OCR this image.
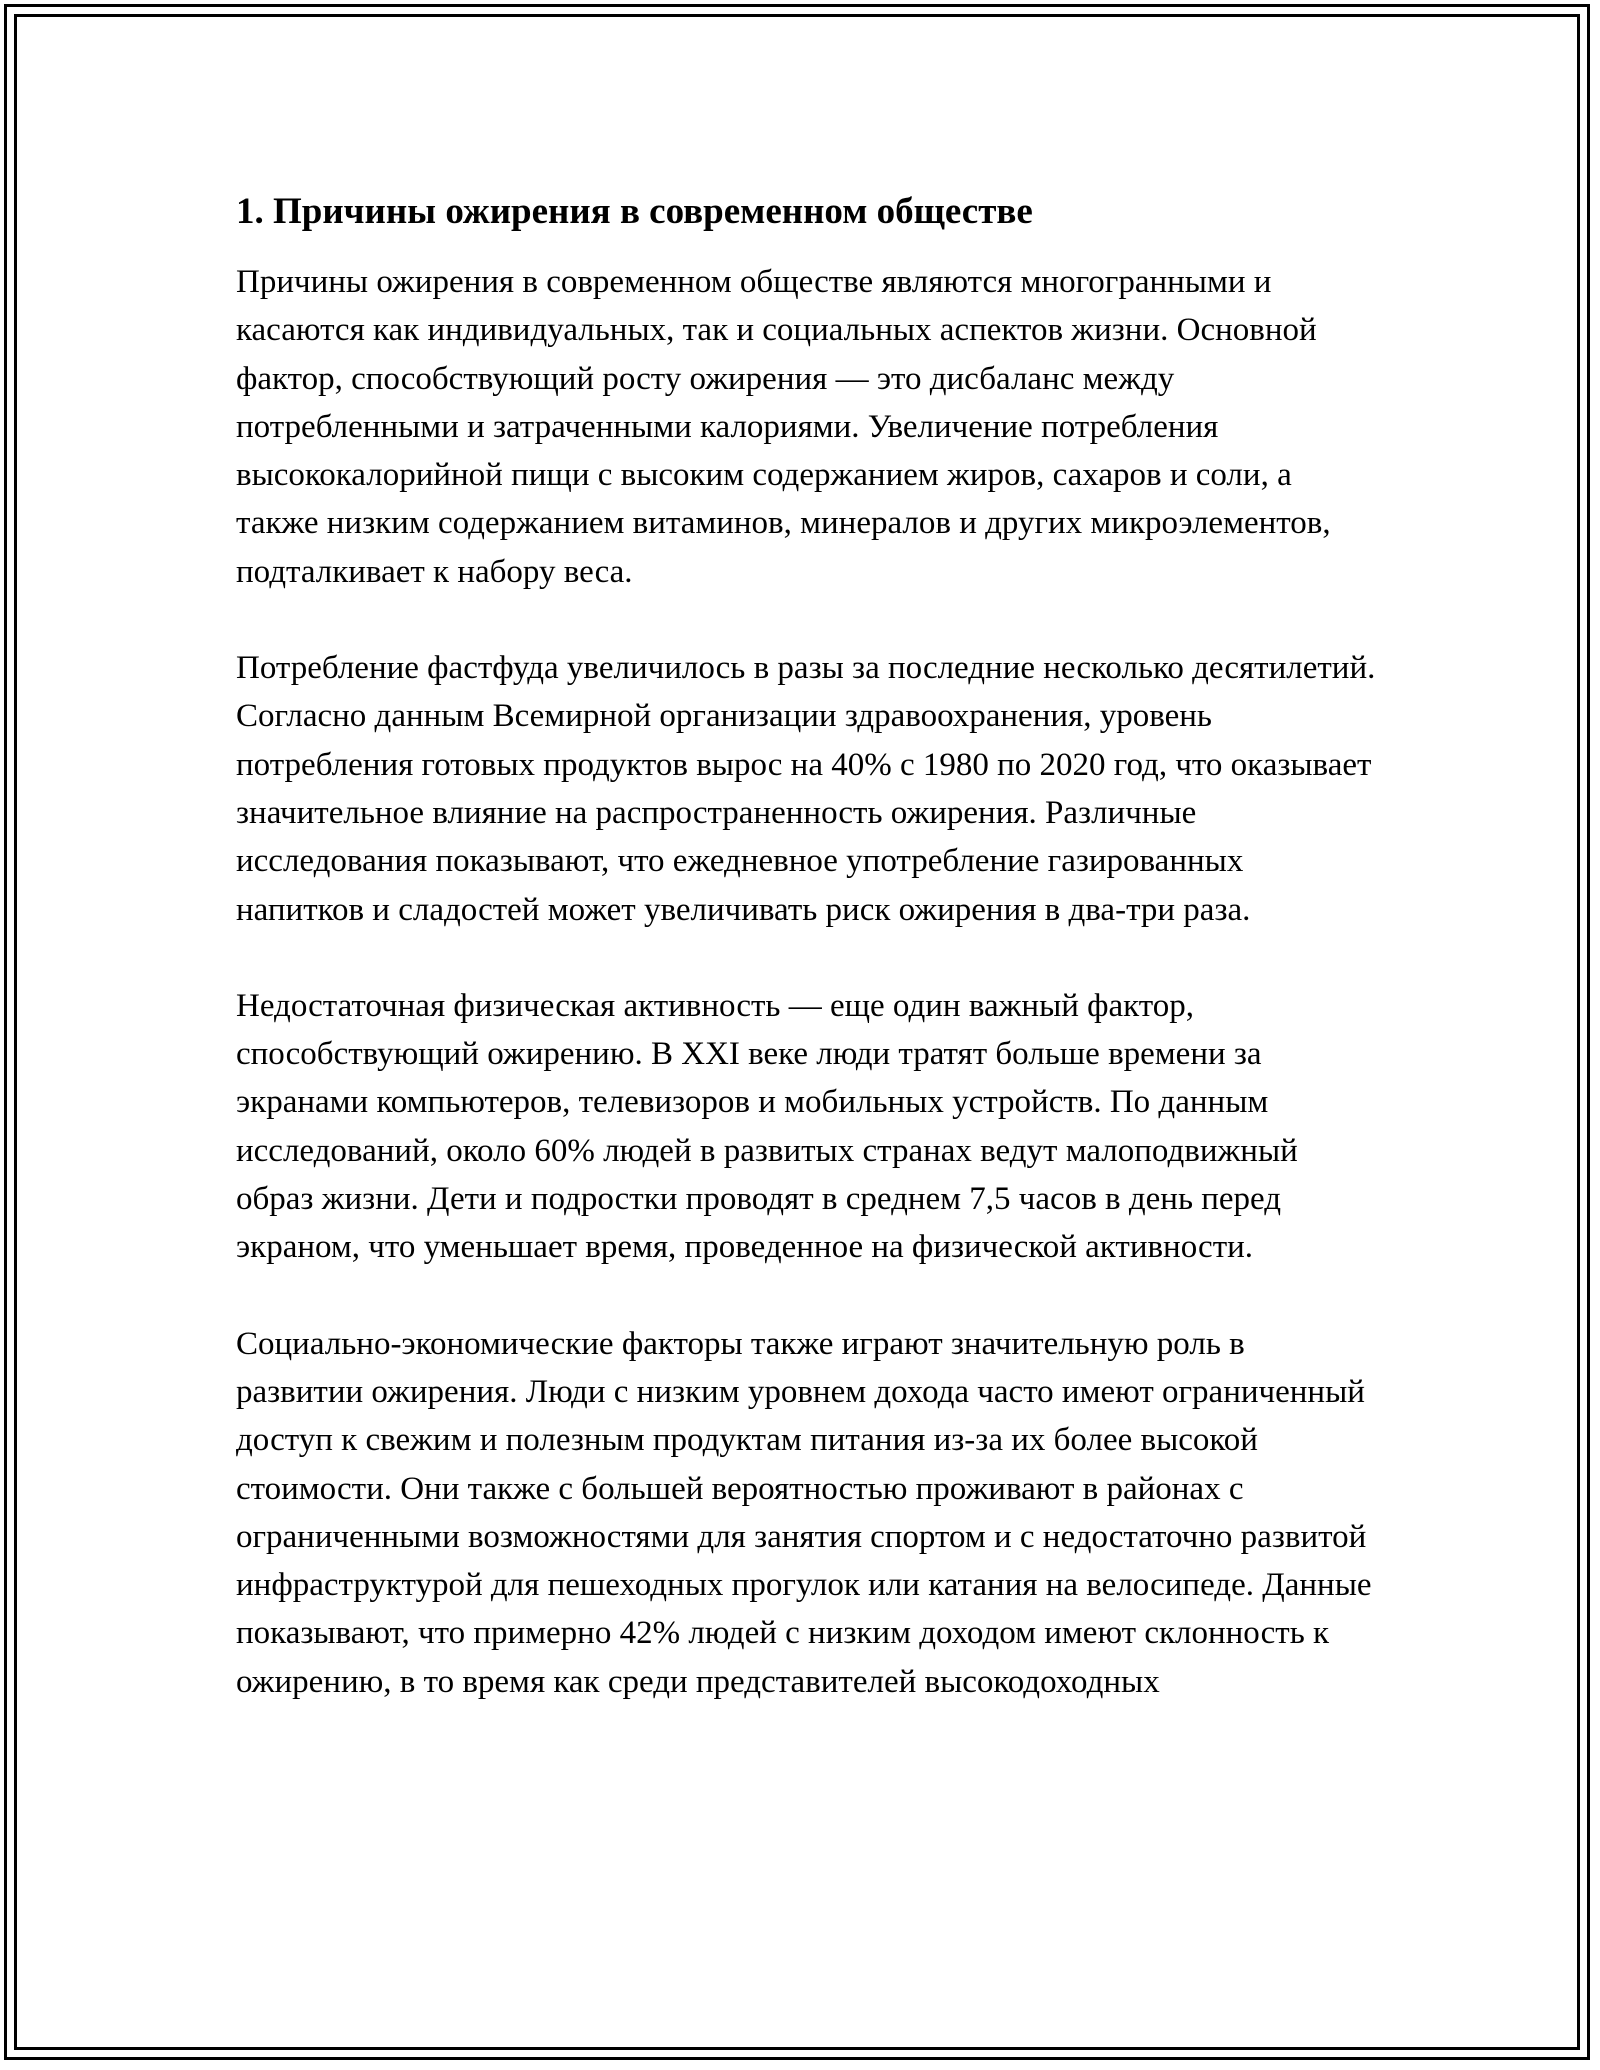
1. Причины ожирения в современном обществе

Причины ожирения в современном обществе являются многогранными и касаются как индивидуальных, так и социальных аспектов жизни. Основной фактор, способствующий росту ожирения — это дисбаланс между потребленными и затраченными калориями. Увеличение потребления высококалорийной пищи с высоким содержанием жиров, сахаров и соли, а также низким содержанием витаминов, минералов и других микроэлементов, подталкивает к набору веса.

Потребление фастфуда увеличилось в разы за последние несколько десятилетий. Согласно данным Всемирной организации здравоохранения, уровень потребления готовых продуктов вырос на 40% с 1980 по 2020 год, что оказывает значительное влияние на распространенность ожирения. Различные исследования показывают, что ежедневное употребление газированных напитков и сладостей может увеличивать риск ожирения в два-три раза.

Недостаточная физическая активность — еще один важный фактор, способствующий ожирению. В XXI веке люди тратят больше времени за экранами компьютеров, телевизоров и мобильных устройств. По данным исследований, около 60% людей в развитых странах ведут малоподвижный образ жизни. Дети и подростки проводят в среднем 7,5 часов в день перед экраном, что уменьшает время, проведенное на физической активности.

Социально-экономические факторы также играют значительную роль в развитии ожирения. Люди с низким уровнем дохода часто имеют ограниченный доступ к свежим и полезным продуктам питания из-за их более высокой стоимости. Они также с большей вероятностью проживают в районах с ограниченными возможностями для занятия спортом и с недостаточно развитой инфраструктурой для пешеходных прогулок или катания на велосипеде. Данные показывают, что примерно 42% людей с низким доходом имеют склонность к ожирению, в то время как среди представителей высокодоходных
